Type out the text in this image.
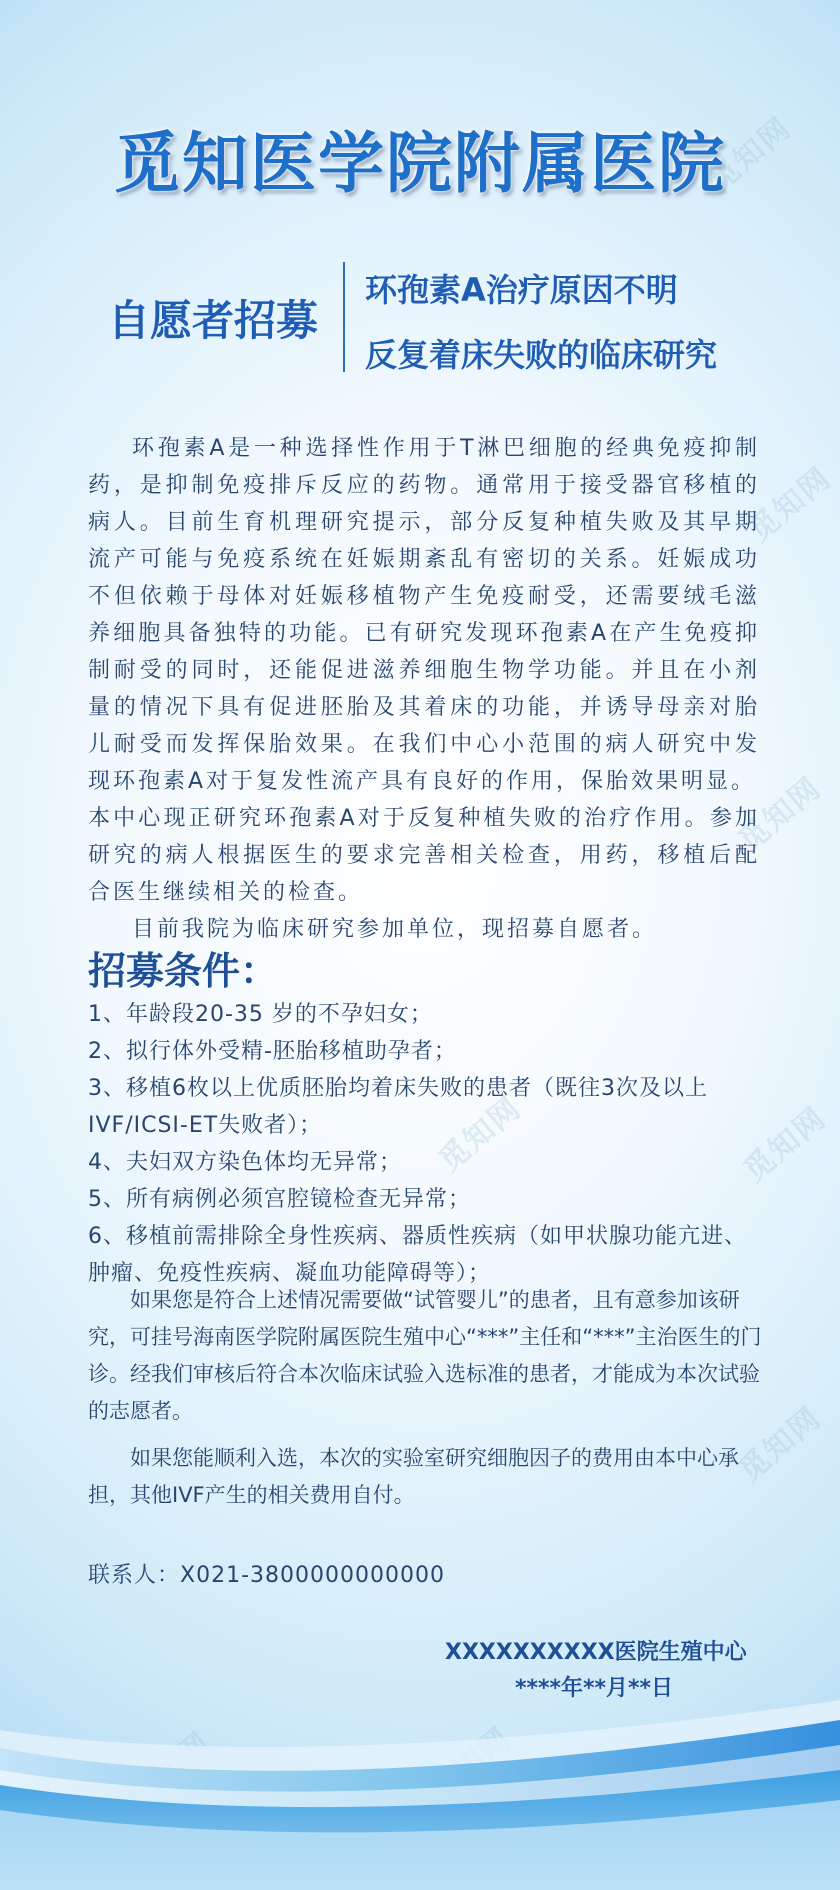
觅知网
觅知网
觅知网
觅知网	觅知网
觅知网
觅知医学院附属医院
自愿者招募
环孢素A治疗原因不明
反复着床失败的临床研究

环孢素A是一种选择性作用于T淋巴细胞的经典免疫抑制药，是抑制免疫排斥反应的药物。通常用于接受器官移植的病人。目前生育机理研究提示，部分反复种植失败及其早期流产可能与免疫系统在妊娠期紊乱有密切的关系。妊娠成功不但依赖于母体对妊娠移植物产生免疫耐受，还需要绒毛滋养细胞具备独特的功能。已有研究发现环孢素A在产生免疫抑制耐受的同时，还能促进滋养细胞生物学功能。并且在小剂量的情况下具有促进胚胎及其着床的功能，并诱导母亲对胎儿耐受而发挥保胎效果。在我们中心小范围的病人研究中发现环孢素A对于复发性流产具有良好的作用，保胎效果明显。

本中心现正研究环孢素A对于反复种植失败的治疗作用。参加研究的病人根据医生的要求完善相关检查，用药，移植后配合医生继续相关的检查。

目前我院为临床研究参加单位，现招募自愿者。

招募条件：
1、年龄段20-35 岁的不孕妇女；
2、拟行体外受精-胚胎移植助孕者；
3、移植6枚以上优质胚胎均着床失败的患者（既往3次及以上IVF/ICSI-ET失败者）；
4、夫妇双方染色体均无异常；
5、所有病例必须宫腔镜检查无异常；
6、移植前需排除全身性疾病、器质性疾病（如甲状腺功能亢进、肿瘤、免疫性疾病、凝血功能障碍等）；

如果您是符合上述情况需要做“试管婴儿”的患者，且有意参加该研究，可挂号海南医学院附属医院生殖中心“***”主任和“***”主治医生的门诊。经我们审核后符合本次临床试验入选标准的患者，才能成为本次试验的志愿者。

如果您能顺利入选，本次的实验室研究细胞因子的费用由本中心承担，其他IVF产生的相关费用自付。

联系人：X021-3800000000000
XXXXXXXXXX医院生殖中心
****年**月**日
